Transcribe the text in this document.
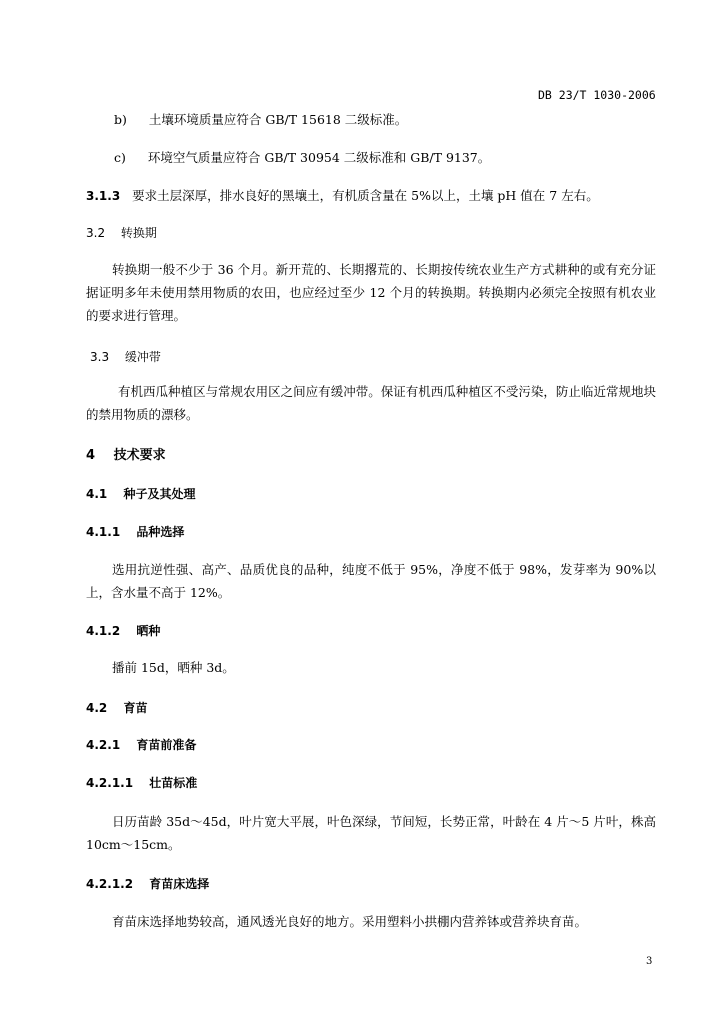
DB 23/T 1030-2006
b) 土壤环境质量应符合 GB/T 15618 二级标准。
c) 环境空气质量应符合 GB/T 30954 二级标准和 GB/T 9137。
3.1.3 要求土层深厚，排水良好的黑壤土，有机质含量在 5%以上，土壤 pH 值在 7 左右。
3.2 转换期
转换期一般不少于 36 个月。新开荒的、长期撂荒的、长期按传统农业生产方式耕种的或有充分证据证明多年未使用禁用物质的农田，也应经过至少 12 个月的转换期。转换期内必须完全按照有机农业的要求进行管理。
3.3 缓冲带
有机西瓜种植区与常规农用区之间应有缓冲带。保证有机西瓜种植区不受污染，防止临近常规地块的禁用物质的漂移。
4 技术要求
4.1 种子及其处理
4.1.1 品种选择
选用抗逆性强、高产、品质优良的品种，纯度不低于 95%，净度不低于 98%，发芽率为 90%以上，含水量不高于 12%。
4.1.2 晒种
播前 15d，晒种 3d。
4.2 育苗
4.2.1 育苗前准备
4.2.1.1 壮苗标准
日历苗龄 35d～45d，叶片宽大平展，叶色深绿，节间短，长势正常，叶龄在 4 片～5 片叶，株高 10cm～15cm。
4.2.1.2 育苗床选择
育苗床选择地势较高，通风透光良好的地方。采用塑料小拱棚内营养钵或营养块育苗。
3
